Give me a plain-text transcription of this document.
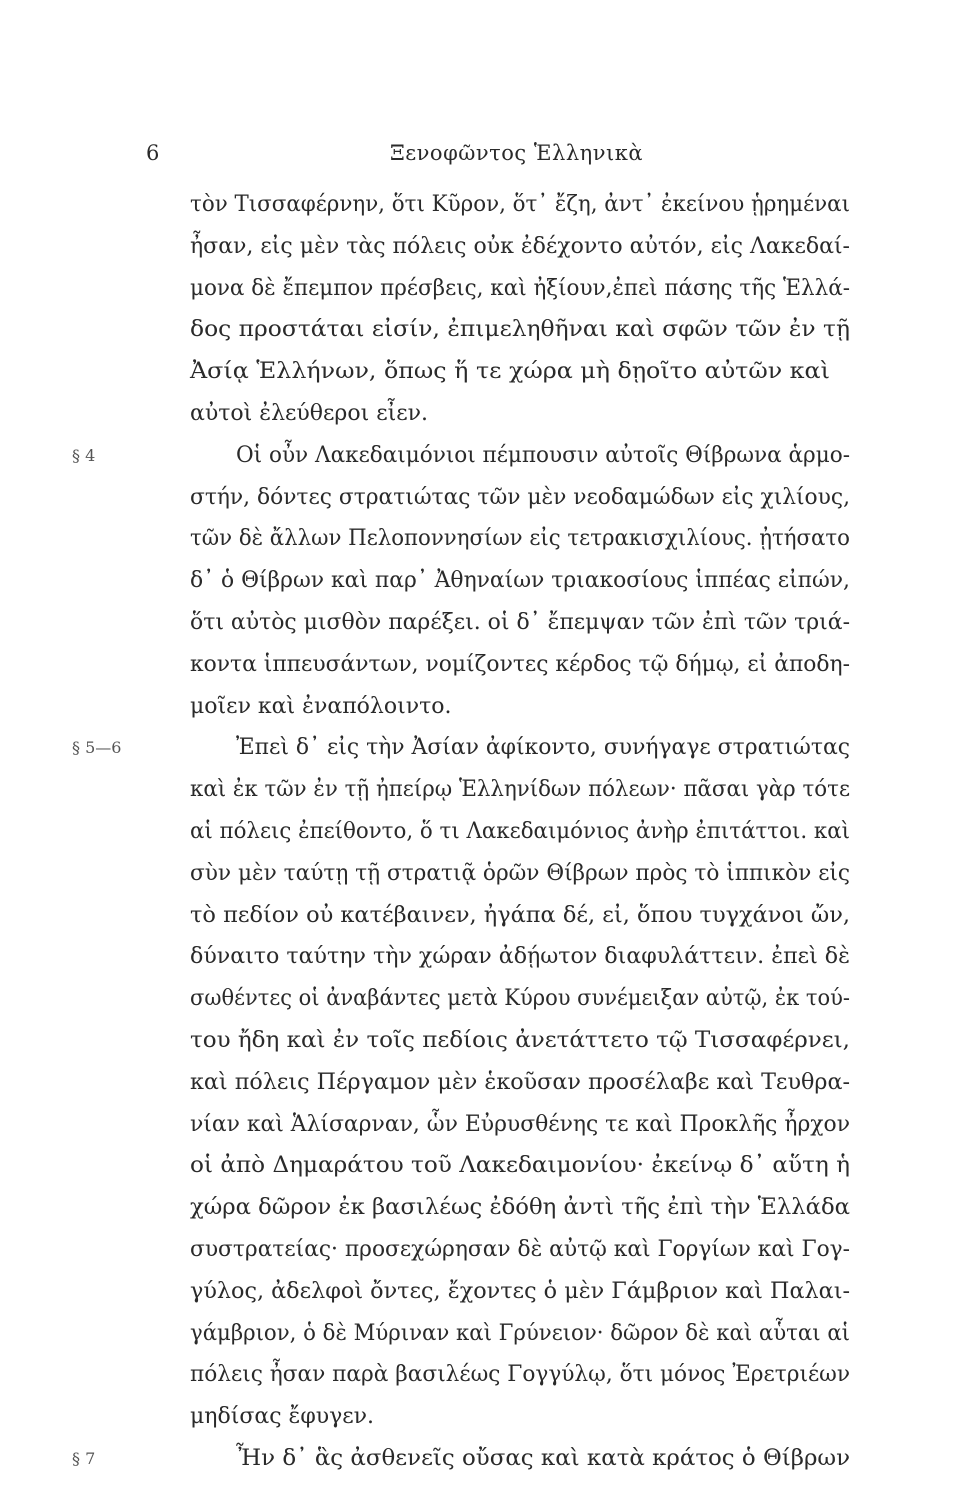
6	Ξενοφῶντος Ἑλληνικὰ
τὸν Τισσαφέρνην, ὅτι Κῦρον, ὅτ᾽ ἔζη, ἀντ᾽ ἐκείνου ᾑρημέναι
ἦσαν, εἰς μὲν τὰς πόλεις οὐκ ἐδέχοντο αὐτόν, εἰς Λακεδαί-
μονα δὲ ἔπεμπον πρέσβεις, καὶ ἠξίουν,ἐπεὶ πάσης τῆς Ἑλλά-
δος προστάται εἰσίν, ἐπιμεληθῆναι καὶ σφῶν τῶν ἐν τῇ
Ἀσίᾳ Ἑλλήνων, ὅπως ἥ τε χώρα μὴ δῃοῖτο αὐτῶν καὶ
αὐτοὶ ἐλεύθεροι εἶεν.
§ 4	Οἱ οὖν Λακεδαιμόνιοι πέμπουσιν αὐτοῖς Θίβρωνα ἁρμο-
στήν, δόντες στρατιώτας τῶν μὲν νεοδαμώδων εἰς χιλίους,
τῶν δὲ ἄλλων Πελοποννησίων εἰς τετρακισχιλίους. ᾐτήσατο
δ᾽ ὁ Θίβρων καὶ παρ᾽ Ἀθηναίων τριακοσίους ἱππέας εἰπών,
ὅτι αὐτὸς μισθὸν παρέξει. οἱ δ᾽ ἔπεμψαν τῶν ἐπὶ τῶν τριά-
κοντα ἱππευσάντων, νομίζοντες κέρδος τῷ δήμῳ, εἰ ἀποδη-
μοῖεν καὶ ἐναπόλοιντο.
§ 5—6	Ἐπεὶ δ᾽ εἰς τὴν Ἀσίαν ἀφίκοντο, συνήγαγε στρατιώτας
καὶ ἐκ τῶν ἐν τῇ ἠπείρῳ Ἑλληνίδων πόλεων· πᾶσαι γὰρ τότε
αἱ πόλεις ἐπείθοντο, ὅ τι Λακεδαιμόνιος ἀνὴρ ἐπιτάττοι. καὶ
σὺν μὲν ταύτῃ τῇ στρατιᾷ ὁρῶν Θίβρων πρὸς τὸ ἱππικὸν εἰς
τὸ πεδίον οὐ κατέβαινεν, ἠγάπα δέ, εἰ, ὅπου τυγχάνοι ὤν,
δύναιτο ταύτην τὴν χώραν ἀδῄωτον διαφυλάττειν. ἐπεὶ δὲ
σωθέντες οἱ ἀναβάντες μετὰ Κύρου συνέμειξαν αὐτῷ, ἐκ τού-
του ἤδη καὶ ἐν τοῖς πεδίοις ἀνετάττετο τῷ Τισσαφέρνει,
καὶ πόλεις Πέργαμον μὲν ἑκοῦσαν προσέλαβε καὶ Τευθρα-
νίαν καὶ Ἁλίσαρναν, ὧν Εὐρυσθένης τε καὶ Προκλῆς ἦρχον
οἱ ἀπὸ Δημαράτου τοῦ Λακεδαιμονίου· ἐκείνῳ δ᾽ αὕτη ἡ
χώρα δῶρον ἐκ βασιλέως ἐδόθη ἀντὶ τῆς ἐπὶ τὴν Ἑλλάδα
συστρατείας· προσεχώρησαν δὲ αὐτῷ καὶ Γοργίων καὶ Γογ-
γύλος, ἀδελφοὶ ὄντες, ἔχοντες ὁ μὲν Γάμβριον καὶ Παλαι-
γάμβριον, ὁ δὲ Μύριναν καὶ Γρύνειον· δῶρον δὲ καὶ αὗται αἱ
πόλεις ἦσαν παρὰ βασιλέως Γογγύλῳ, ὅτι μόνος Ἐρετριέων
μηδίσας ἔφυγεν.
§ 7	Ἦν δ᾽ ἃς ἀσθενεῖς οὔσας καὶ κατὰ κράτος ὁ Θίβρων
